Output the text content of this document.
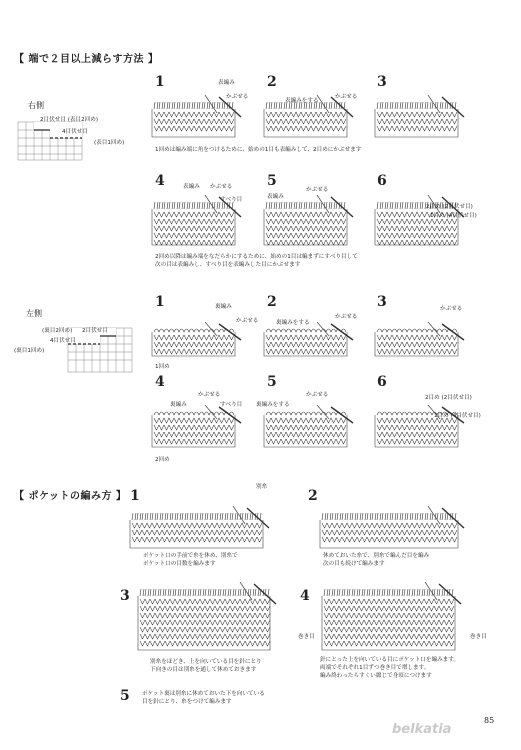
【 端で２目以上減らす方法 】
右側
2目伏せ目 (表目2回め)
4目伏せ目
(表目1回め)
1	2	3
4	5	6
表編み
かぶせる
表編みをする
かぶせる
表編み かぶせる
すべり目	表編み
かぶせる
2目め (2目伏せ目)
1目め (4目伏せ目)
1回めは編み端に角をつけるために、始めの1目も表編みして、2目めにかぶせます
2回め以降は編み端をなだらかにするために、始めの1目は編まずにすべり目して
次の目は表編みし、すべり目を表編みした目にかぶせます
左側
(裏目2回め) 2目伏せ目
4目伏せ目
(裏目1回め)
1	2	3
4	5	6
裏編み
かぶせる	裏編みをする
かぶせる
かぶせる
裏編み
かぶせる
すべり目 裏編みをする
かぶせる	2目め (2目伏せ目)
1目め (4目伏せ目)
1回め
2回め
【 ポケットの編み方 】 1	2
3	4
5
別糸
巻き目	巻き目
ポケット口の手前で糸を休め、別糸で
ポケット口の目数を編みます
休めておいた糸で、別糸で編んだ目を編み
次の目も続けて編みます
別糸をほどき、上を向いている目を針にとり
下向きの目は別糸を通して休めておきます
針にとった上を向いている目にポケット口を編みます。
両端でそれぞれ1目ずつ巻き目で増します。
編み終わったらすくい綴じで身頃につけます
ポケット裏は別糸に休めておいた下を向いている
目を針にとり、糸をつけて編みます
belkatia
85
